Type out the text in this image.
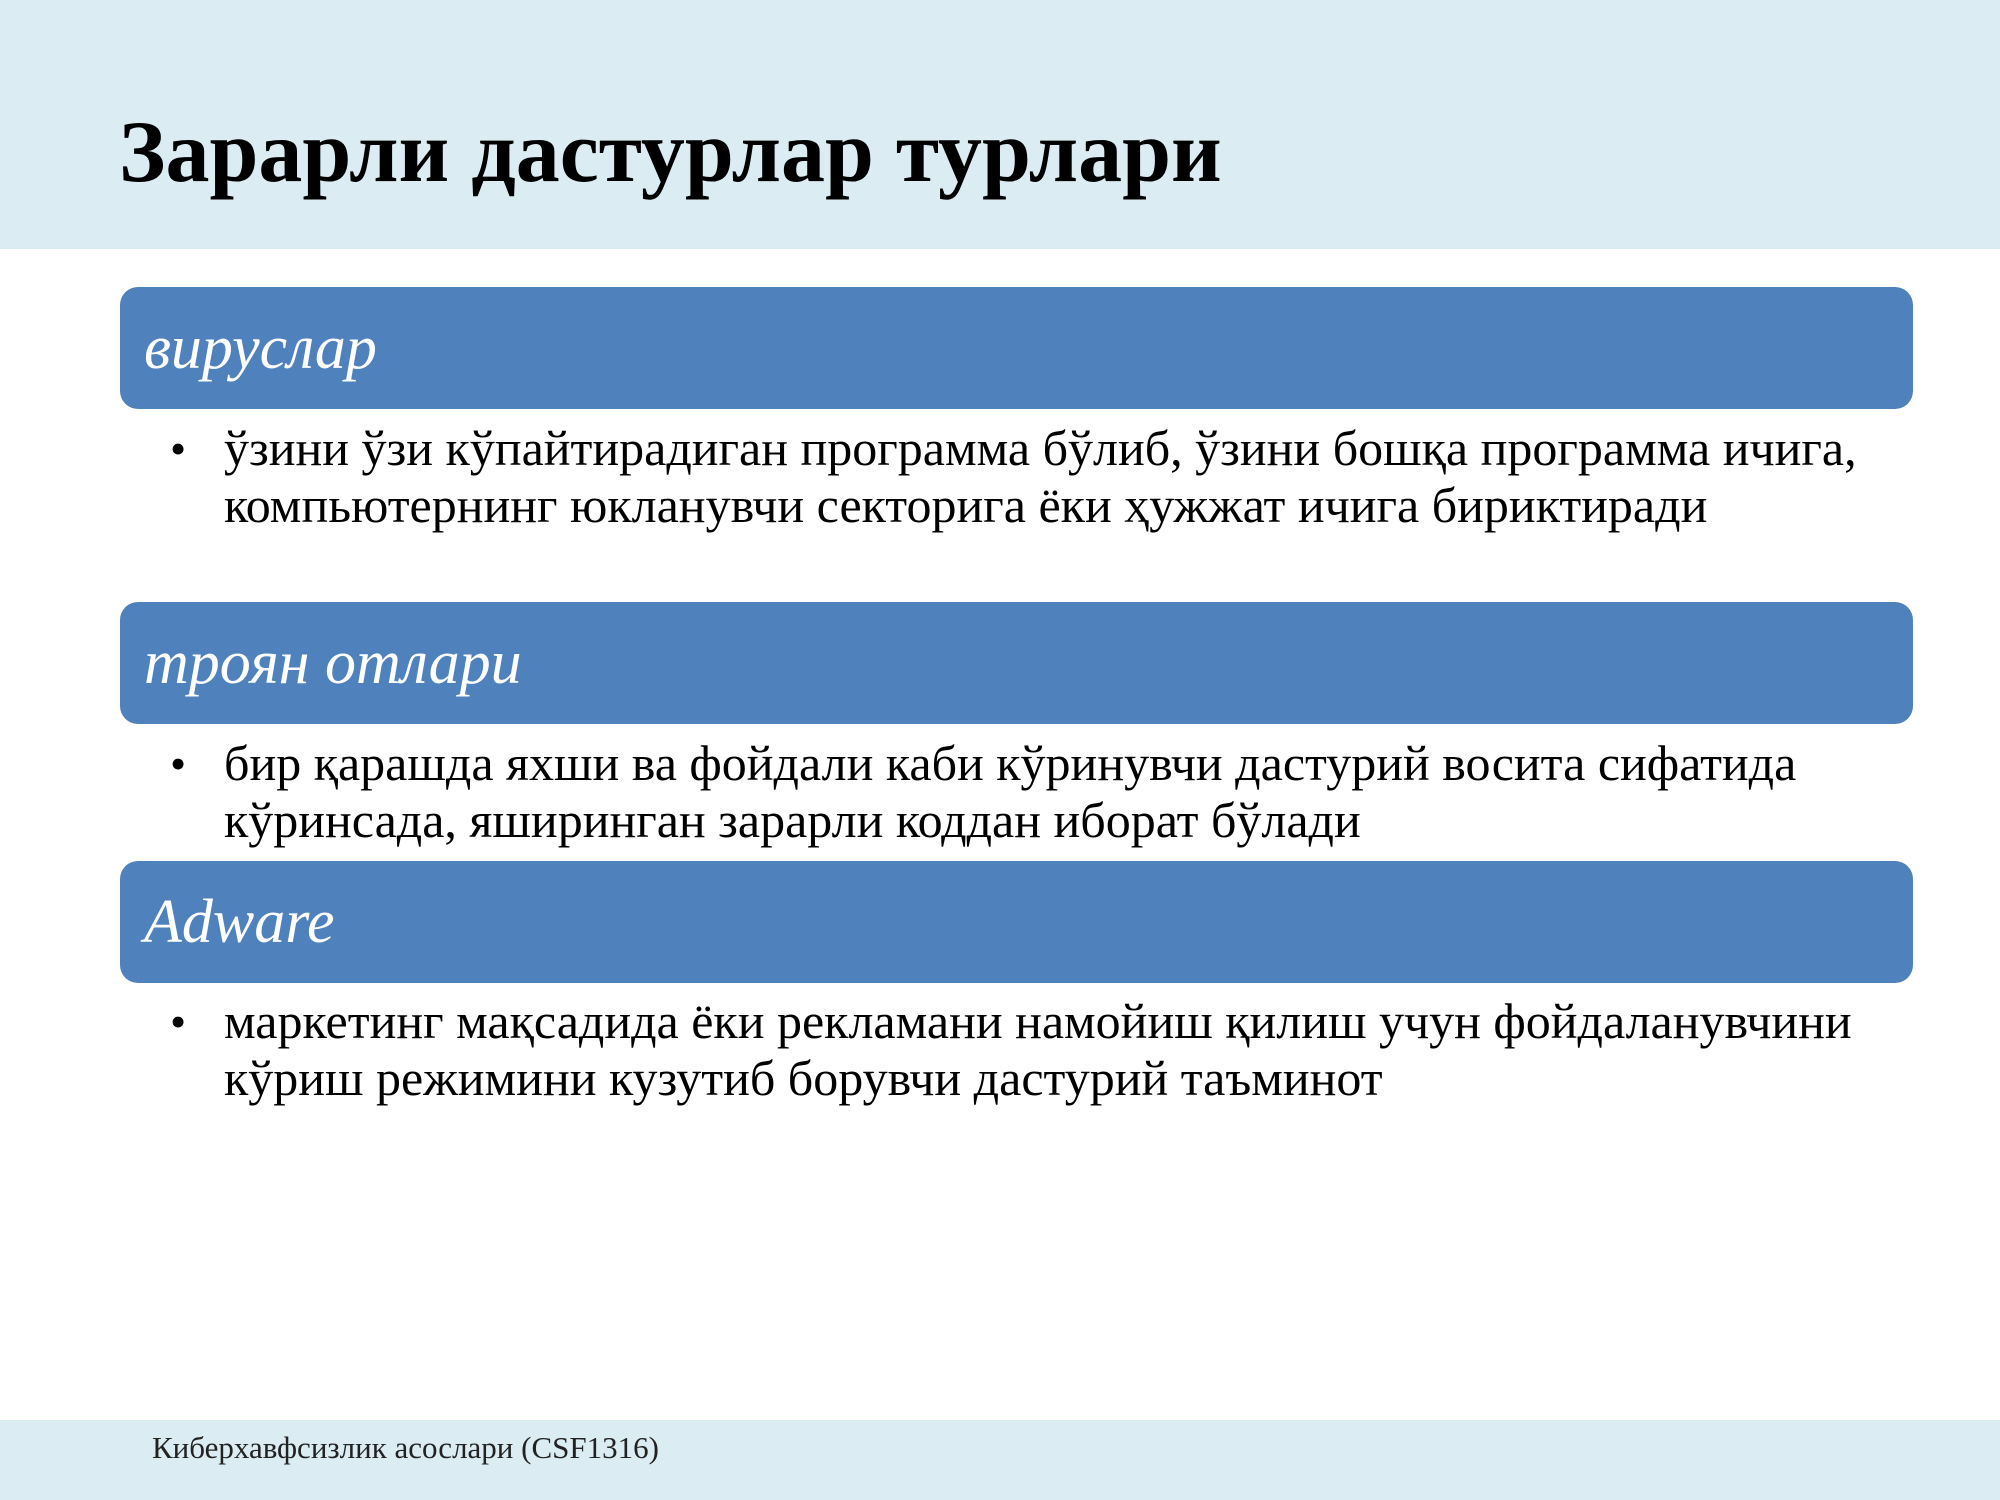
Зарарли дастурлар турлари
вируслар
• ўзини ўзи кўпайтирадиган программа бўлиб, ўзини бошқа программа ичига, компьютернинг юкланувчи секторига ёки ҳужжат ичига бириктиради
троян отлари
• бир қарашда яхши ва фойдали каби кўринувчи дастурий восита сифатида кўринсада, яширинган зарарли коддан иборат бўлади
Adware
• маркетинг мақсадида ёки рекламани намойиш қилиш учун фойдаланувчини кўриш режимини кузутиб борувчи дастурий таъминот
Киберхавфсизлик асослари (CSF1316)
